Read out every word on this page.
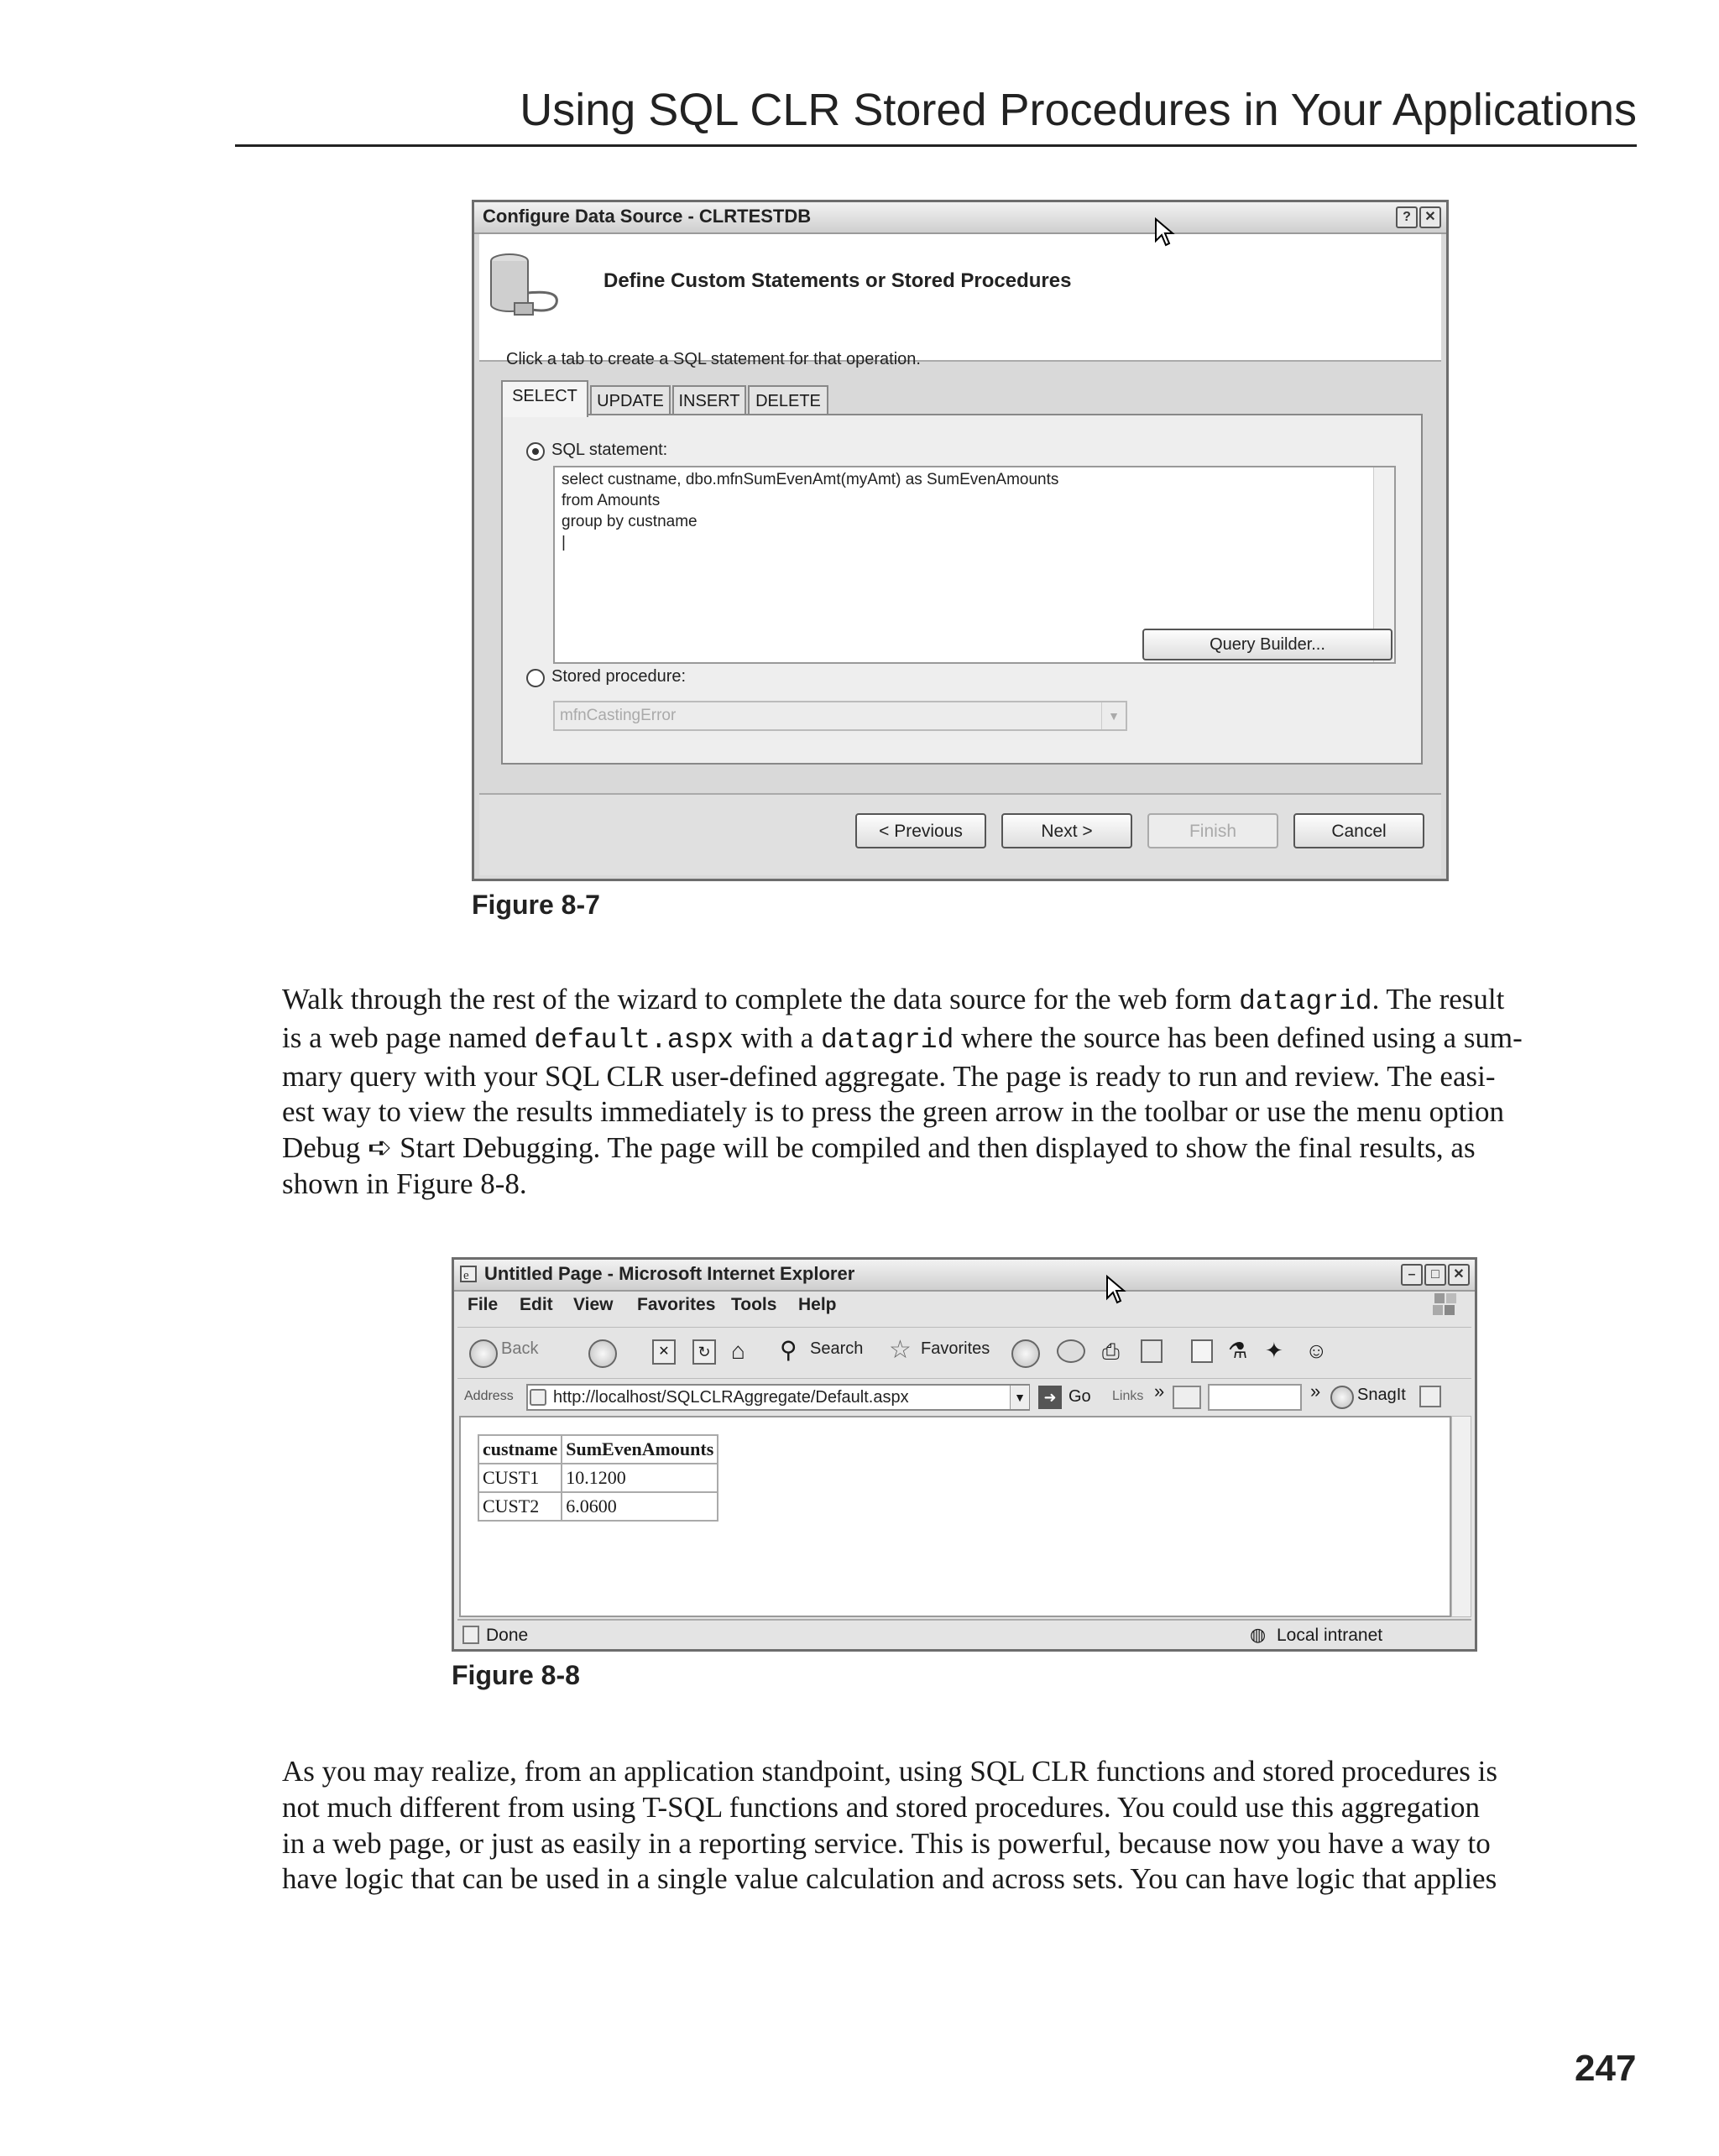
Using SQL CLR Stored Procedures in Your Applications
Configure Data Source - CLRTESTDB	?	✕
Define Custom Statements or Stored Procedures
Click a tab to create a SQL statement for that operation.
SELECT	UPDATE INSERT DELETE
SQL statement:
select custname, dbo.mfnSumEvenAmt(myAmt) as SumEvenAmounts
from Amounts
group by custname
|
Query Builder...
Stored procedure:
mfnCastingError	▼
< Previous	Next >	Finish	Cancel
Figure 8-7

Walk through the rest of the wizard to complete the data source for the web form datagrid. The result
is a web page named default.aspx with a datagrid where the source has been defined using a sum-
mary query with your SQL CLR user-defined aggregate. The page is ready to run and review. The easi-
est way to view the results immediately is to press the green arrow in the toolbar or use the menu option
Debug ➪ Start Debugging. The page will be compiled and then displayed to show the final results, as
shown in Figure 8-8.

Untitled Page - Microsoft Internet Explorer
e	–	□	✕
File Edit View Favorites Tools Help
Back	✕	↻ ⌂	⚲ Search ☆ Favorites	⎙	⚗ ✦	☺
Address	http://localhost/SQLCLRAggregate/Default.aspx	▼	➜ Go Links »	» SnagIt
custname	SumEvenAmounts
CUST1	10.1200
CUST2	6.0600
Done	◍ Local intranet
Figure 8-8

As you may realize, from an application standpoint, using SQL CLR functions and stored procedures is
not much different from using T-SQL functions and stored procedures. You could use this aggregation
in a web page, or just as easily in a reporting service. This is powerful, because now you have a way to
have logic that can be used in a single value calculation and across sets. You can have logic that applies

247
